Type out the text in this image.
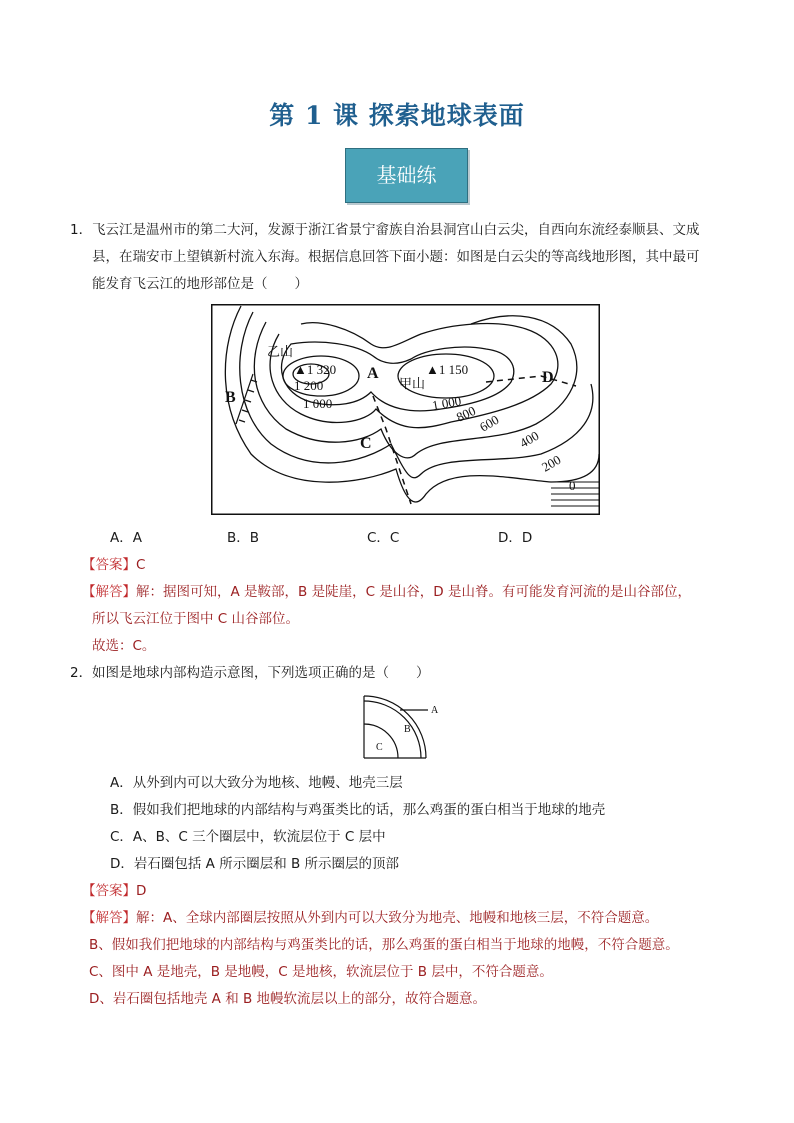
第 1 课 探索地球表面
基础练
1． 飞云江是温州市的第二大河，发源于浙江省景宁畲族自治县洞宫山白云尖，自西向东流经泰顺县、文成
县，在瑞安市上望镇新村流入东海。根据信息回答下面小题：如图是白云尖的等高线地形图，其中最可
能发育飞云江的地形部位是（　　）
乙山
甲山
▲1 320	▲1 150
1 200
1 000	1 000
800 600
400
200
0
A
B
C
D
A．A	B．B	C．C	D．D
【答案】C
【解答】解：据图可知，A 是鞍部，B 是陡崖，C 是山谷，D 是山脊。有可能发育河流的是山谷部位，
所以飞云江位于图中 C 山谷部位。
故选：C。
2． 如图是地球内部构造示意图，下列选项正确的是（　　）
A
B
C
A．从外到内可以大致分为地核、地幔、地壳三层
B．假如我们把地球的内部结构与鸡蛋类比的话，那么鸡蛋的蛋白相当于地球的地壳
C．A、B、C 三个圈层中，软流层位于 C 层中
D．岩石圈包括 A 所示圈层和 B 所示圈层的顶部
【答案】D
【解答】解：A、全球内部圈层按照从外到内可以大致分为地壳、地幔和地核三层，不符合题意。
B、假如我们把地球的内部结构与鸡蛋类比的话，那么鸡蛋的蛋白相当于地球的地幔，不符合题意。
C、图中 A 是地壳，B 是地幔，C 是地核，软流层位于 B 层中，不符合题意。
D、岩石圈包括地壳 A 和 B 地幔软流层以上的部分，故符合题意。
